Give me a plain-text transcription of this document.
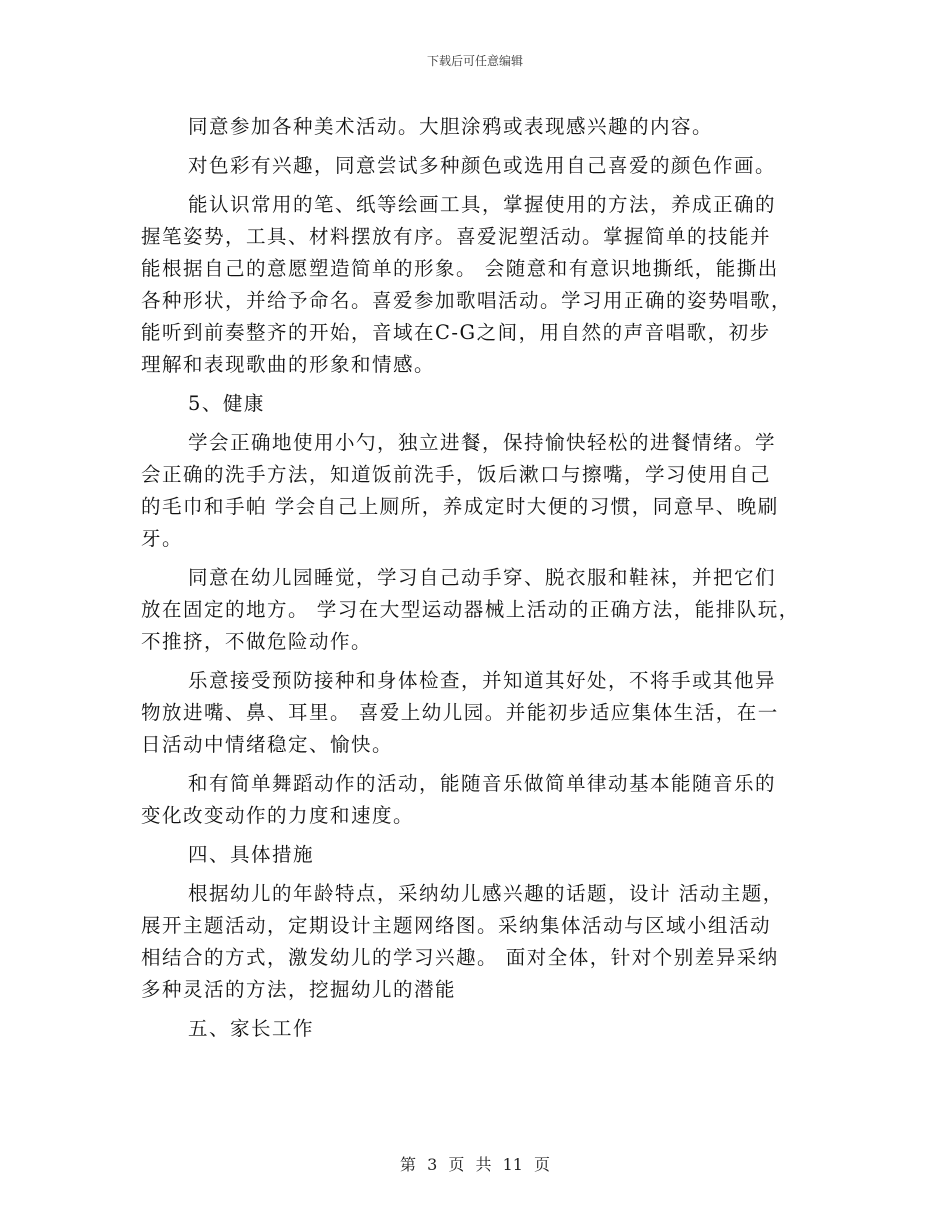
下载后可任意编辑
同意参加各种美术活动。大胆涂鸦或表现感兴趣的内容。
对色彩有兴趣，同意尝试多种颜色或选用自己喜爱的颜色作画。
能认识常用的笔、纸等绘画工具，掌握使用的方法，养成正确的
握笔姿势，工具、材料摆放有序。喜爱泥塑活动。掌握简单的技能并
能根据自己的意愿塑造简单的形象。 会随意和有意识地撕纸，能撕出
各种形状，并给予命名。喜爱参加歌唱活动。学习用正确的姿势唱歌，
能听到前奏整齐的开始，音域在C-G之间，用自然的声音唱歌，初步
理解和表现歌曲的形象和情感。
5、健康
学会正确地使用小勺，独立进餐，保持愉快轻松的进餐情绪。学
会正确的洗手方法，知道饭前洗手，饭后漱口与擦嘴，学习使用自己
的毛巾和手帕 学会自己上厕所，养成定时大便的习惯，同意早、晚刷
牙。
同意在幼儿园睡觉，学习自己动手穿、脱衣服和鞋袜，并把它们
放在固定的地方。 学习在大型运动器械上活动的正确方法，能排队玩，
不推挤，不做危险动作。
乐意接受预防接种和身体检查，并知道其好处，不将手或其他异
物放进嘴、鼻、耳里。 喜爱上幼儿园。并能初步适应集体生活，在一
日活动中情绪稳定、愉快。
和有简单舞蹈动作的活动，能随音乐做简单律动基本能随音乐的
变化改变动作的力度和速度。
四、具体措施
根据幼儿的年龄特点，采纳幼儿感兴趣的话题，设计 活动主题，
展开主题活动，定期设计主题网络图。采纳集体活动与区域小组活动
相结合的方式，激发幼儿的学习兴趣。 面对全体，针对个别差异采纳
多种灵活的方法，挖掘幼儿的潜能
五、家长工作
第 3 页 共 11 页
